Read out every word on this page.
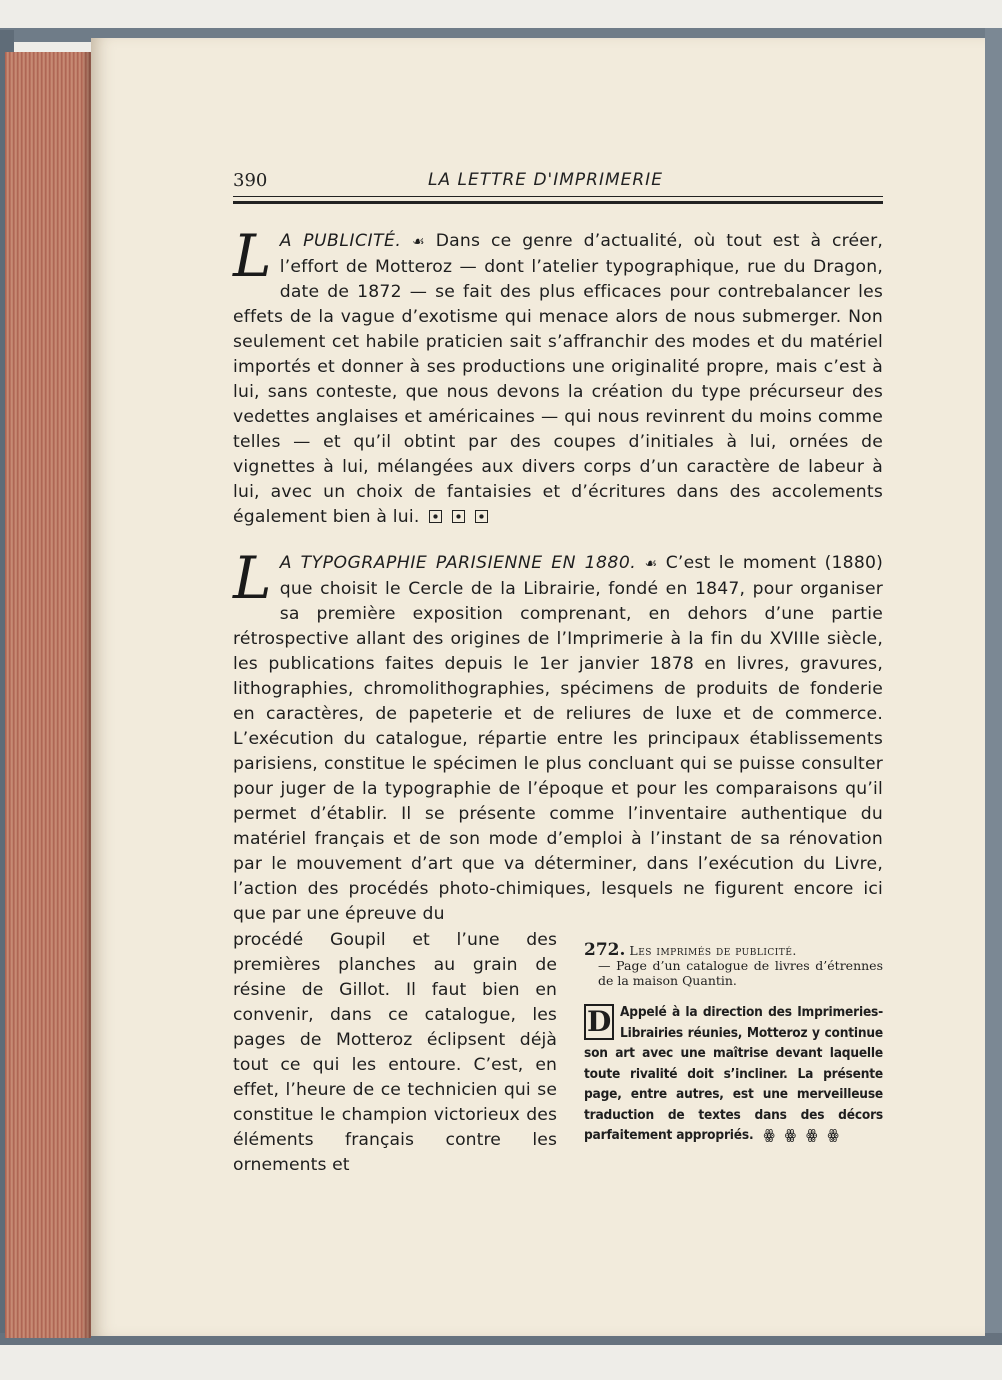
390	LA LETTRE D'IMPRIMERIE
L A PUBLICITÉ. ☙ Dans ce genre d’actualité, où tout est à créer, l’effort de Motteroz — dont l’atelier typographique, rue du Dragon, date de 1872 — se fait des plus efficaces pour contrebalancer les effets de la vague d’exotisme qui menace alors de nous submerger. Non seulement cet habile praticien sait s’affranchir des modes et du matériel importés et donner à ses productions une originalité propre, mais c’est à lui, sans conteste, que nous devons la création du type précurseur des vedettes anglaises et américaines — qui nous revinrent du moins comme telles — et qu’il obtint par des coupes d’initiales à lui, ornées de vignettes à lui, mélangées aux divers corps d’un caractère de labeur à lui, avec un choix de fantaisies et d’écritures dans des accolements également bien à lui.
L A TYPOGRAPHIE PARISIENNE EN 1880. ☙ C’est le moment (1880) que choisit le Cercle de la Librairie, fondé en 1847, pour organiser sa première exposition comprenant, en dehors d’une partie rétrospective allant des origines de l’Imprimerie à la fin du XVIIIe siècle, les publications faites depuis le 1er janvier 1878 en livres, gravures, lithographies, chromolithographies, spécimens de produits de fonderie en caractères, de papeterie et de reliures de luxe et de commerce. L’exécution du catalogue, répartie entre les principaux établissements parisiens, constitue le spécimen le plus concluant qui se puisse consulter pour juger de la typographie de l’époque et pour les comparaisons qu’il permet d’établir. Il se présente comme l’inventaire authentique du matériel français et de son mode d’emploi à l’instant de sa rénovation par le mouvement d’art que va déterminer, dans l’exécution du Livre, l’action des procédés photo-chimiques, lesquels ne figurent encore ici que par une épreuve du
procédé Goupil et l’une des premières planches au grain de résine de Gillot. Il faut bien en convenir, dans ce catalogue, les pages de Motteroz éclipsent déjà tout ce qui les entoure. C’est, en effet, l’heure de ce technicien qui se constitue le champion victorieux des éléments français contre les ornements et
272. Les imprimés de publicité.
— Page d’un catalogue de livres d’étrennes de la maison Quantin.
D Appelé à la direction des Imprimeries-Librairies réunies, Motteroz y continue son art avec une maîtrise devant laquelle toute rivalité doit s’incliner. La présente page, entre autres, est une merveilleuse traduction de textes dans des décors parfaitement appropriés. ꙮ ꙮ ꙮ ꙮ
